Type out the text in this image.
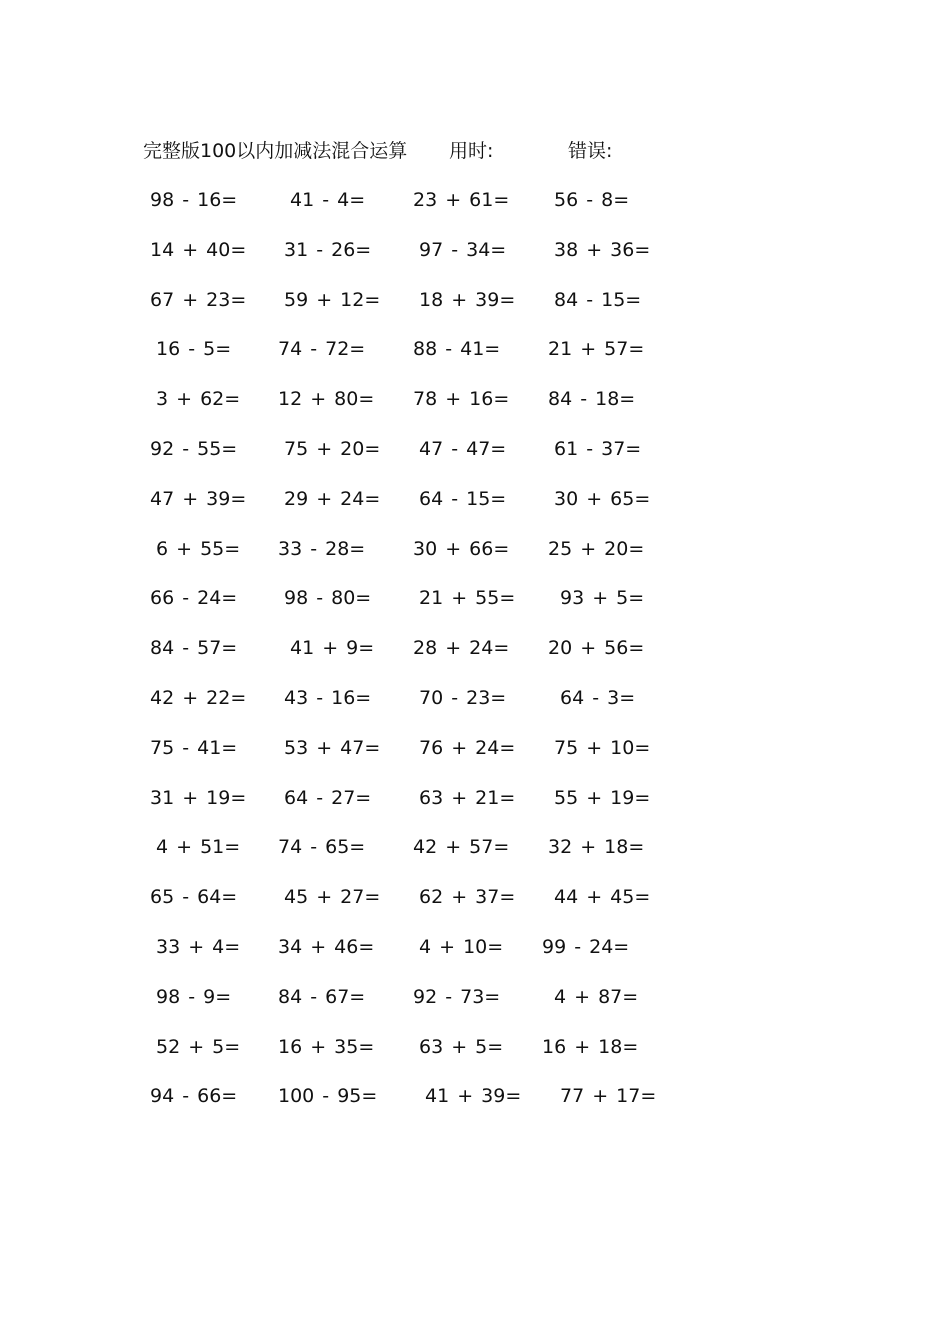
完整版100以内加减法混合运算 用时:	错误:
98 - 16=	41 - 4=	23 + 61= 56 - 8=
14 + 40= 31 - 26=	97 - 34=	38 + 36=
67 + 23= 59 + 12= 18 + 39= 84 - 15=
16 - 5= 74 - 72=	88 - 41=	21 + 57=
3 + 62= 12 + 80= 78 + 16= 84 - 18=
92 - 55= 75 + 20= 47 - 47=	61 - 37=
47 + 39= 29 + 24= 64 - 15=	30 + 65=
6 + 55= 33 - 28=	30 + 66= 25 + 20=
66 - 24= 98 - 80=	21 + 55= 93 + 5=
84 - 57=	41 + 9= 28 + 24= 20 + 56=
42 + 22= 43 - 16=	70 - 23=	64 - 3=
75 - 41= 53 + 47= 76 + 24= 75 + 10=
31 + 19= 64 - 27=	63 + 21= 55 + 19=
4 + 51= 74 - 65=	42 + 57= 32 + 18=
65 - 64= 45 + 27= 62 + 37= 44 + 45=
33 + 4= 34 + 46= 4 + 10= 99 - 24=
98 - 9= 84 - 67=	92 - 73=	4 + 87=
52 + 5= 16 + 35= 63 + 5= 16 + 18=
94 - 66= 100 - 95=	41 + 39= 77 + 17=
